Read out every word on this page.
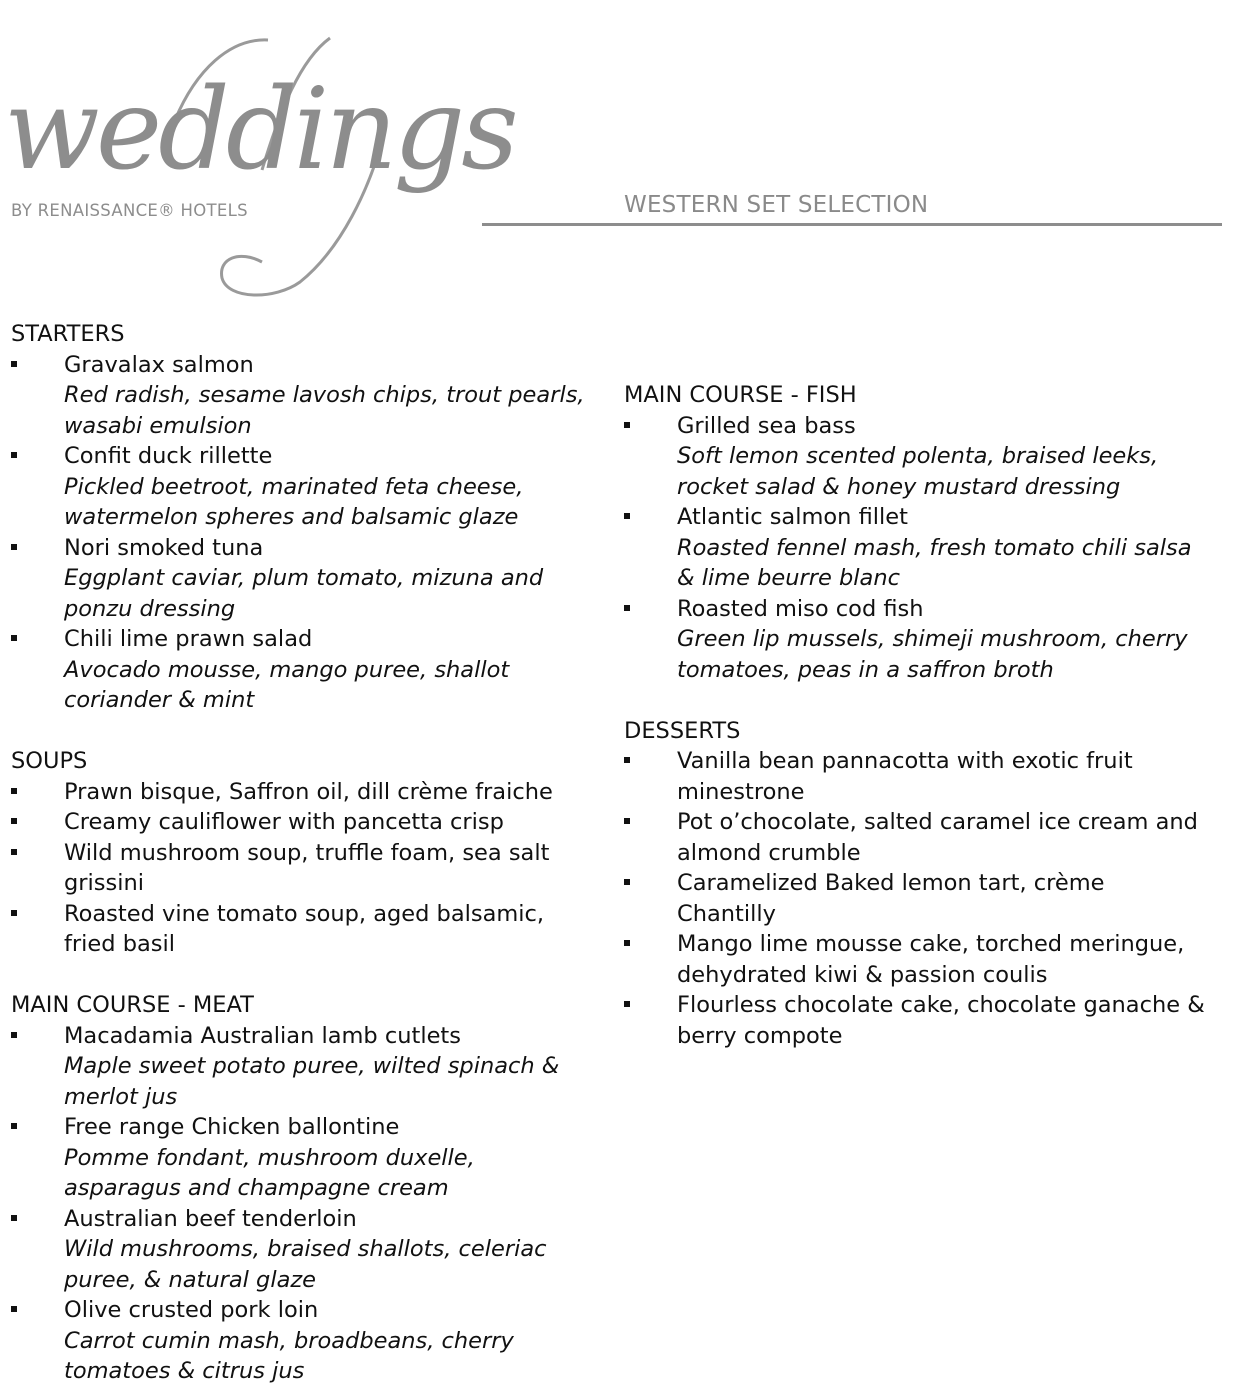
weddings
BY RENAISSANCE® HOTELS	WESTERN SET SELECTION
STARTERS
Gravalax salmon
Red radish, sesame lavosh chips, trout pearls, wasabi emulsion
Confit duck rillette
Pickled beetroot, marinated feta cheese, watermelon spheres and balsamic glaze
Nori smoked tuna
Eggplant caviar, plum tomato, mizuna and ponzu dressing
Chili lime prawn salad
Avocado mousse, mango puree, shallot coriander & mint
SOUPS
Prawn bisque, Saffron oil, dill crème fraiche
Creamy cauliflower with pancetta crisp
Wild mushroom soup, truffle foam, sea salt grissini
Roasted vine tomato soup, aged balsamic, fried basil
MAIN COURSE - MEAT
Macadamia Australian lamb cutlets
Maple sweet potato puree, wilted spinach & merlot jus
Free range Chicken ballontine
Pomme fondant, mushroom duxelle, asparagus and champagne cream
Australian beef tenderloin
Wild mushrooms, braised shallots, celeriac puree, & natural glaze
Olive crusted pork loin
Carrot cumin mash, broadbeans, cherry tomatoes & citrus jus
MAIN COURSE - FISH
Grilled sea bass
Soft lemon scented polenta, braised leeks, rocket salad & honey mustard dressing
Atlantic salmon fillet
Roasted fennel mash, fresh tomato chili salsa & lime beurre blanc
Roasted miso cod fish
Green lip mussels, shimeji mushroom, cherry tomatoes, peas in a saffron broth
DESSERTS
Vanilla bean pannacotta with exotic fruit minestrone
Pot o’chocolate, salted caramel ice cream and almond crumble
Caramelized Baked lemon tart, crème Chantilly
Mango lime mousse cake, torched meringue, dehydrated kiwi & passion coulis
Flourless chocolate cake, chocolate ganache & berry compote
